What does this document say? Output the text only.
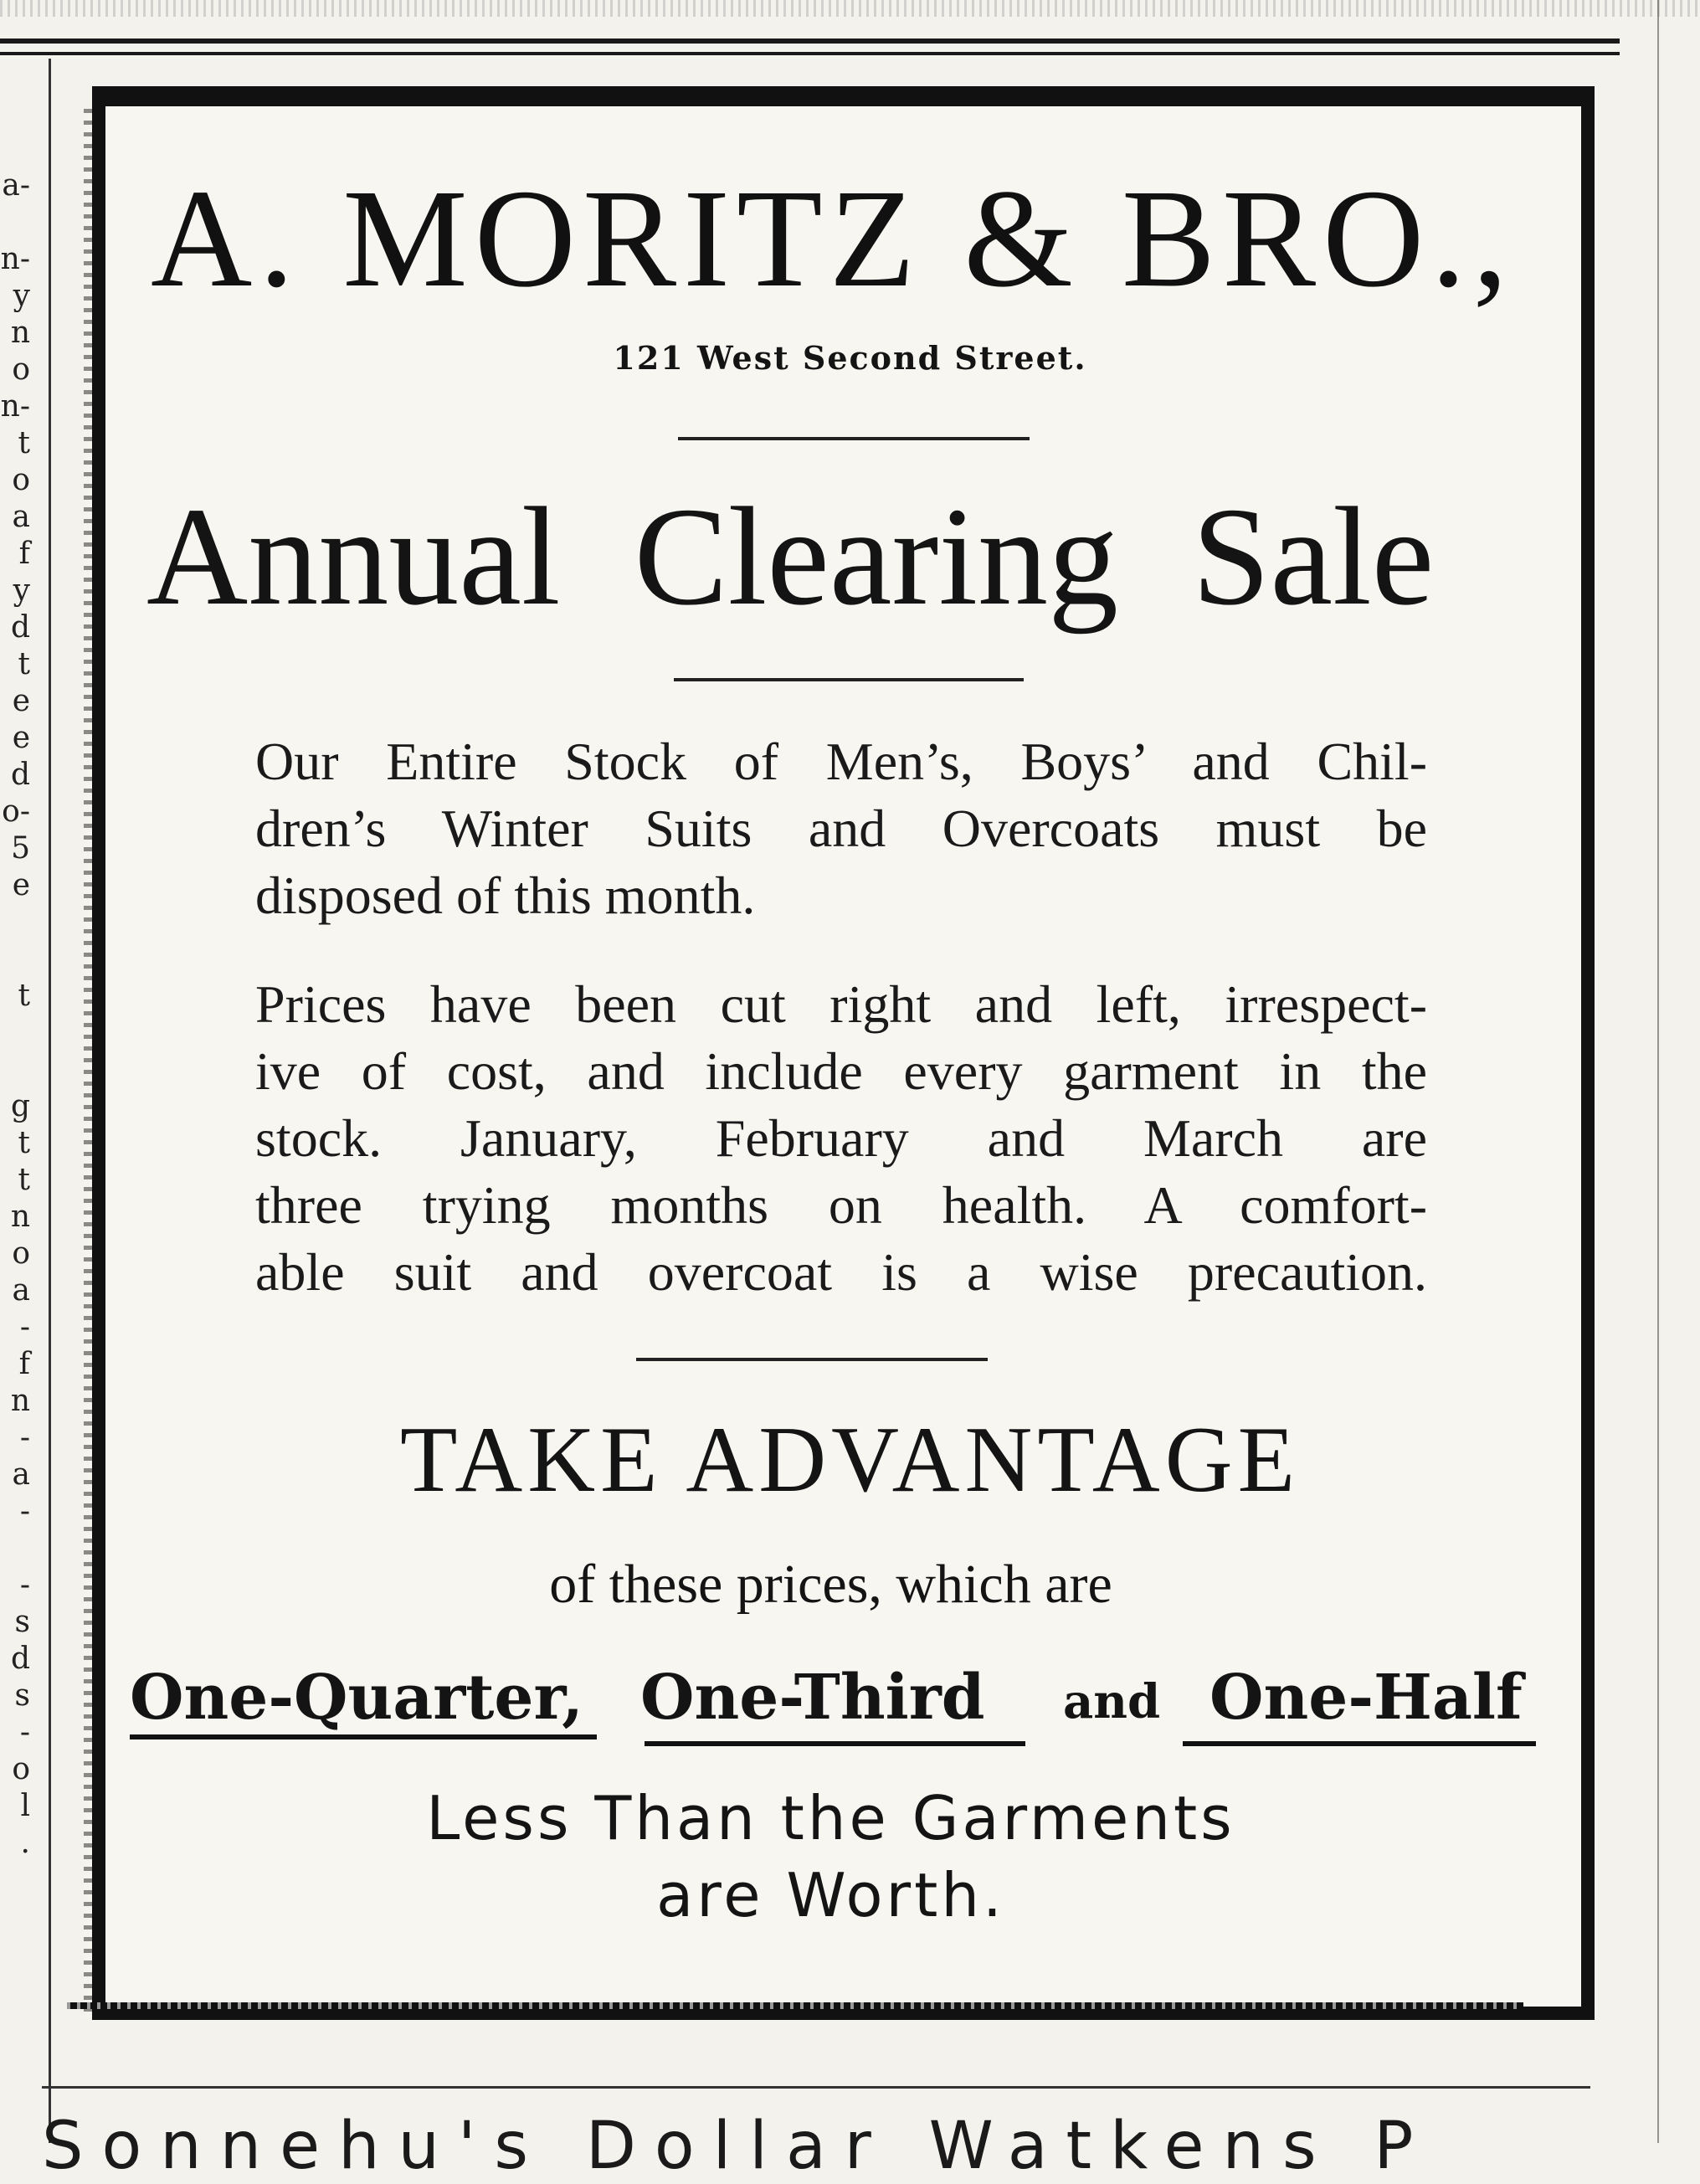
a-
n-
y
n
o
n-
t
o
a
f
y
d
t
e
e
d
o-
5
e
t
g
t
t
n
o
a
-
f
n
-
a
-
-
s
d
s
-
o
l
.
A. MORITZ & BRO.,
121 West Second Street.
Annual Clearing Sale
Our Entire Stock of Men’s, Boys’ and Chil-
dren’s Winter Suits and Overcoats must be
disposed of this month.
Prices have been cut right and left, irrespect-
ive of cost, and include every garment in the
stock. January, February and March are
three trying months on health. A comfort-
able suit and overcoat is a wise precaution.
TAKE ADVANTAGE
of these prices, which are
One-Quarter, One-Third and One-Half
Less Than the Garments
are Worth.
Sonnehu's Dollar Watkens P
